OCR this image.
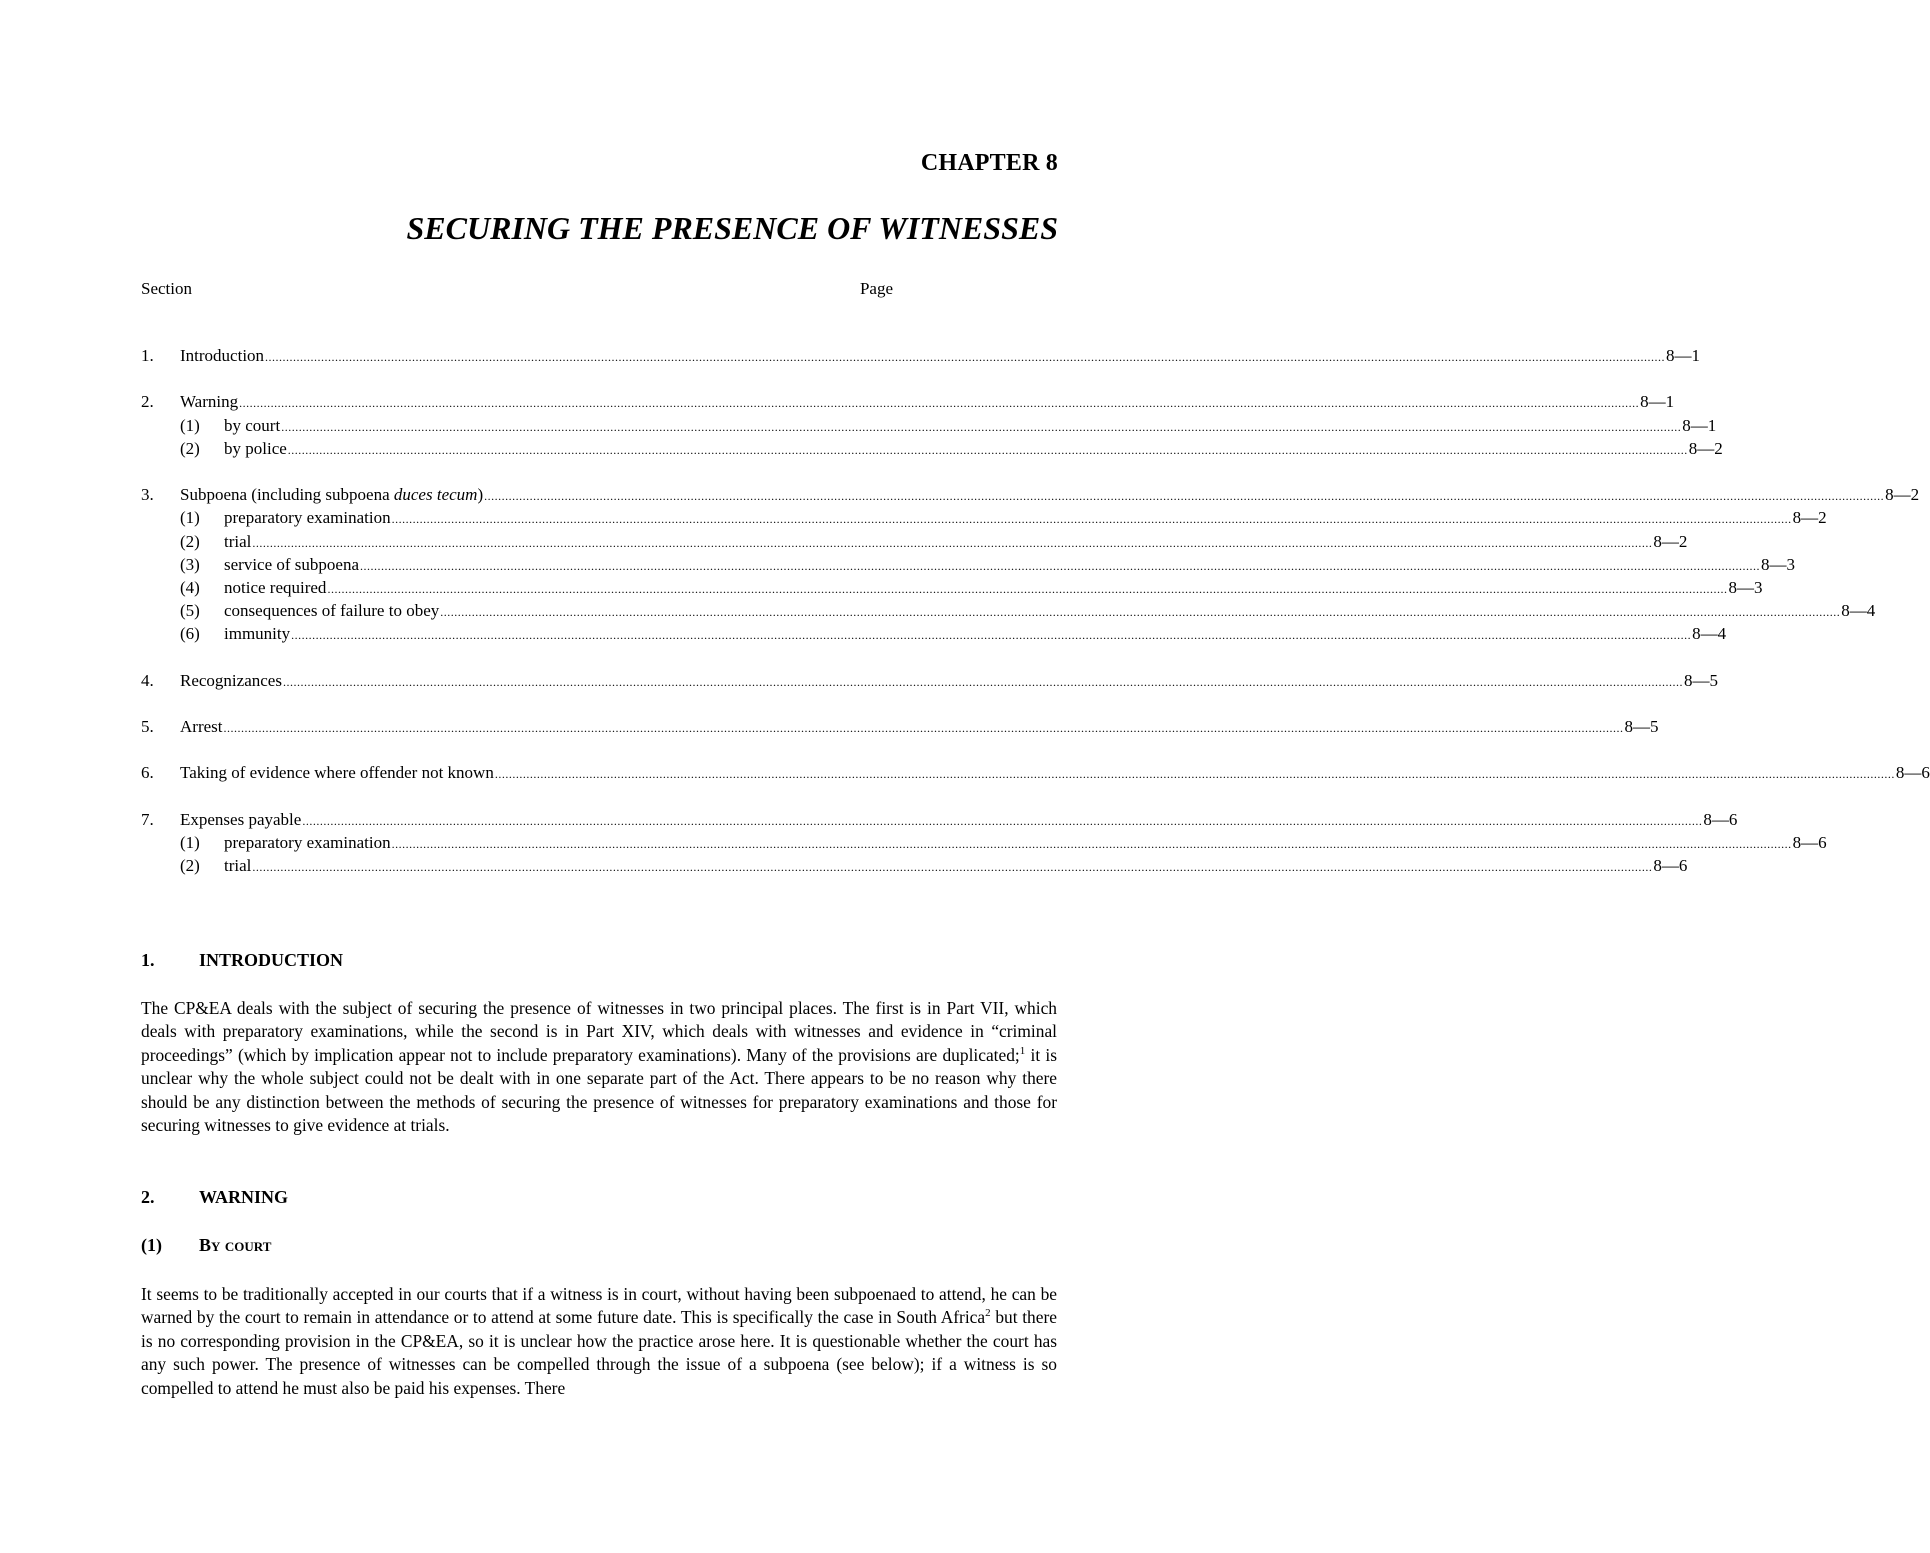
CHAPTER 8
SECURING THE PRESENCE OF WITNESSES
Section	Page
1.	Introduction ................................................................................................................................................................................................................................................................................................................................................................................................................ 8—1
2.	Warning ................................................................................................................................................................................................................................................................................................................................................................................................................ 8—1
(1)	by court ................................................................................................................................................................................................................................................................................................................................................................................................................ 8—1
(2)	by police ................................................................................................................................................................................................................................................................................................................................................................................................................ 8—2
3.	Subpoena (including subpoena duces tecum) ................................................................................................................................................................................................................................................................................................................................................................................................................ 8—2
(1)	preparatory examination ................................................................................................................................................................................................................................................................................................................................................................................................................ 8—2
(2)	trial ................................................................................................................................................................................................................................................................................................................................................................................................................ 8—2
(3)	service of subpoena ................................................................................................................................................................................................................................................................................................................................................................................................................ 8—3
(4)	notice required ................................................................................................................................................................................................................................................................................................................................................................................................................ 8—3
(5)	consequences of failure to obey ................................................................................................................................................................................................................................................................................................................................................................................................................ 8—4
(6)	immunity ................................................................................................................................................................................................................................................................................................................................................................................................................ 8—4
4.	Recognizances ................................................................................................................................................................................................................................................................................................................................................................................................................ 8—5
5.	Arrest ................................................................................................................................................................................................................................................................................................................................................................................................................ 8—5
6.	Taking of evidence where offender not known ................................................................................................................................................................................................................................................................................................................................................................................................................ 8—6
7.	Expenses payable ................................................................................................................................................................................................................................................................................................................................................................................................................ 8—6
(1)	preparatory examination ................................................................................................................................................................................................................................................................................................................................................................................................................ 8—6
(2)	trial ................................................................................................................................................................................................................................................................................................................................................................................................................ 8—6
1. INTRODUCTION
The CP&EA deals with the subject of securing the presence of witnesses in two principal places. The first is in Part VII, which deals with preparatory examinations, while the second is in Part XIV, which deals with witnesses and evidence in “criminal proceedings” (which by implication appear not to include preparatory examinations). Many of the provisions are duplicated;$^1$ it is unclear why the whole subject could not be dealt with in one separate part of the Act. There appears to be no reason why there should be any distinction between the methods of securing the presence of witnesses for preparatory examinations and those for securing witnesses to give evidence at trials.
2. WARNING
(1) By court
It seems to be traditionally accepted in our courts that if a witness is in court, without having been subpoenaed to attend, he can be warned by the court to remain in attendance or to attend at some future date. This is specifically the case in South Africa$^2$ but there is no corresponding provision in the CP&EA, so it is unclear how the practice arose here. It is questionable whether the court has any such power. The presence of witnesses can be compelled through the issue of a subpoena (see below); if a witness is so compelled to attend he must also be paid his expenses. There
